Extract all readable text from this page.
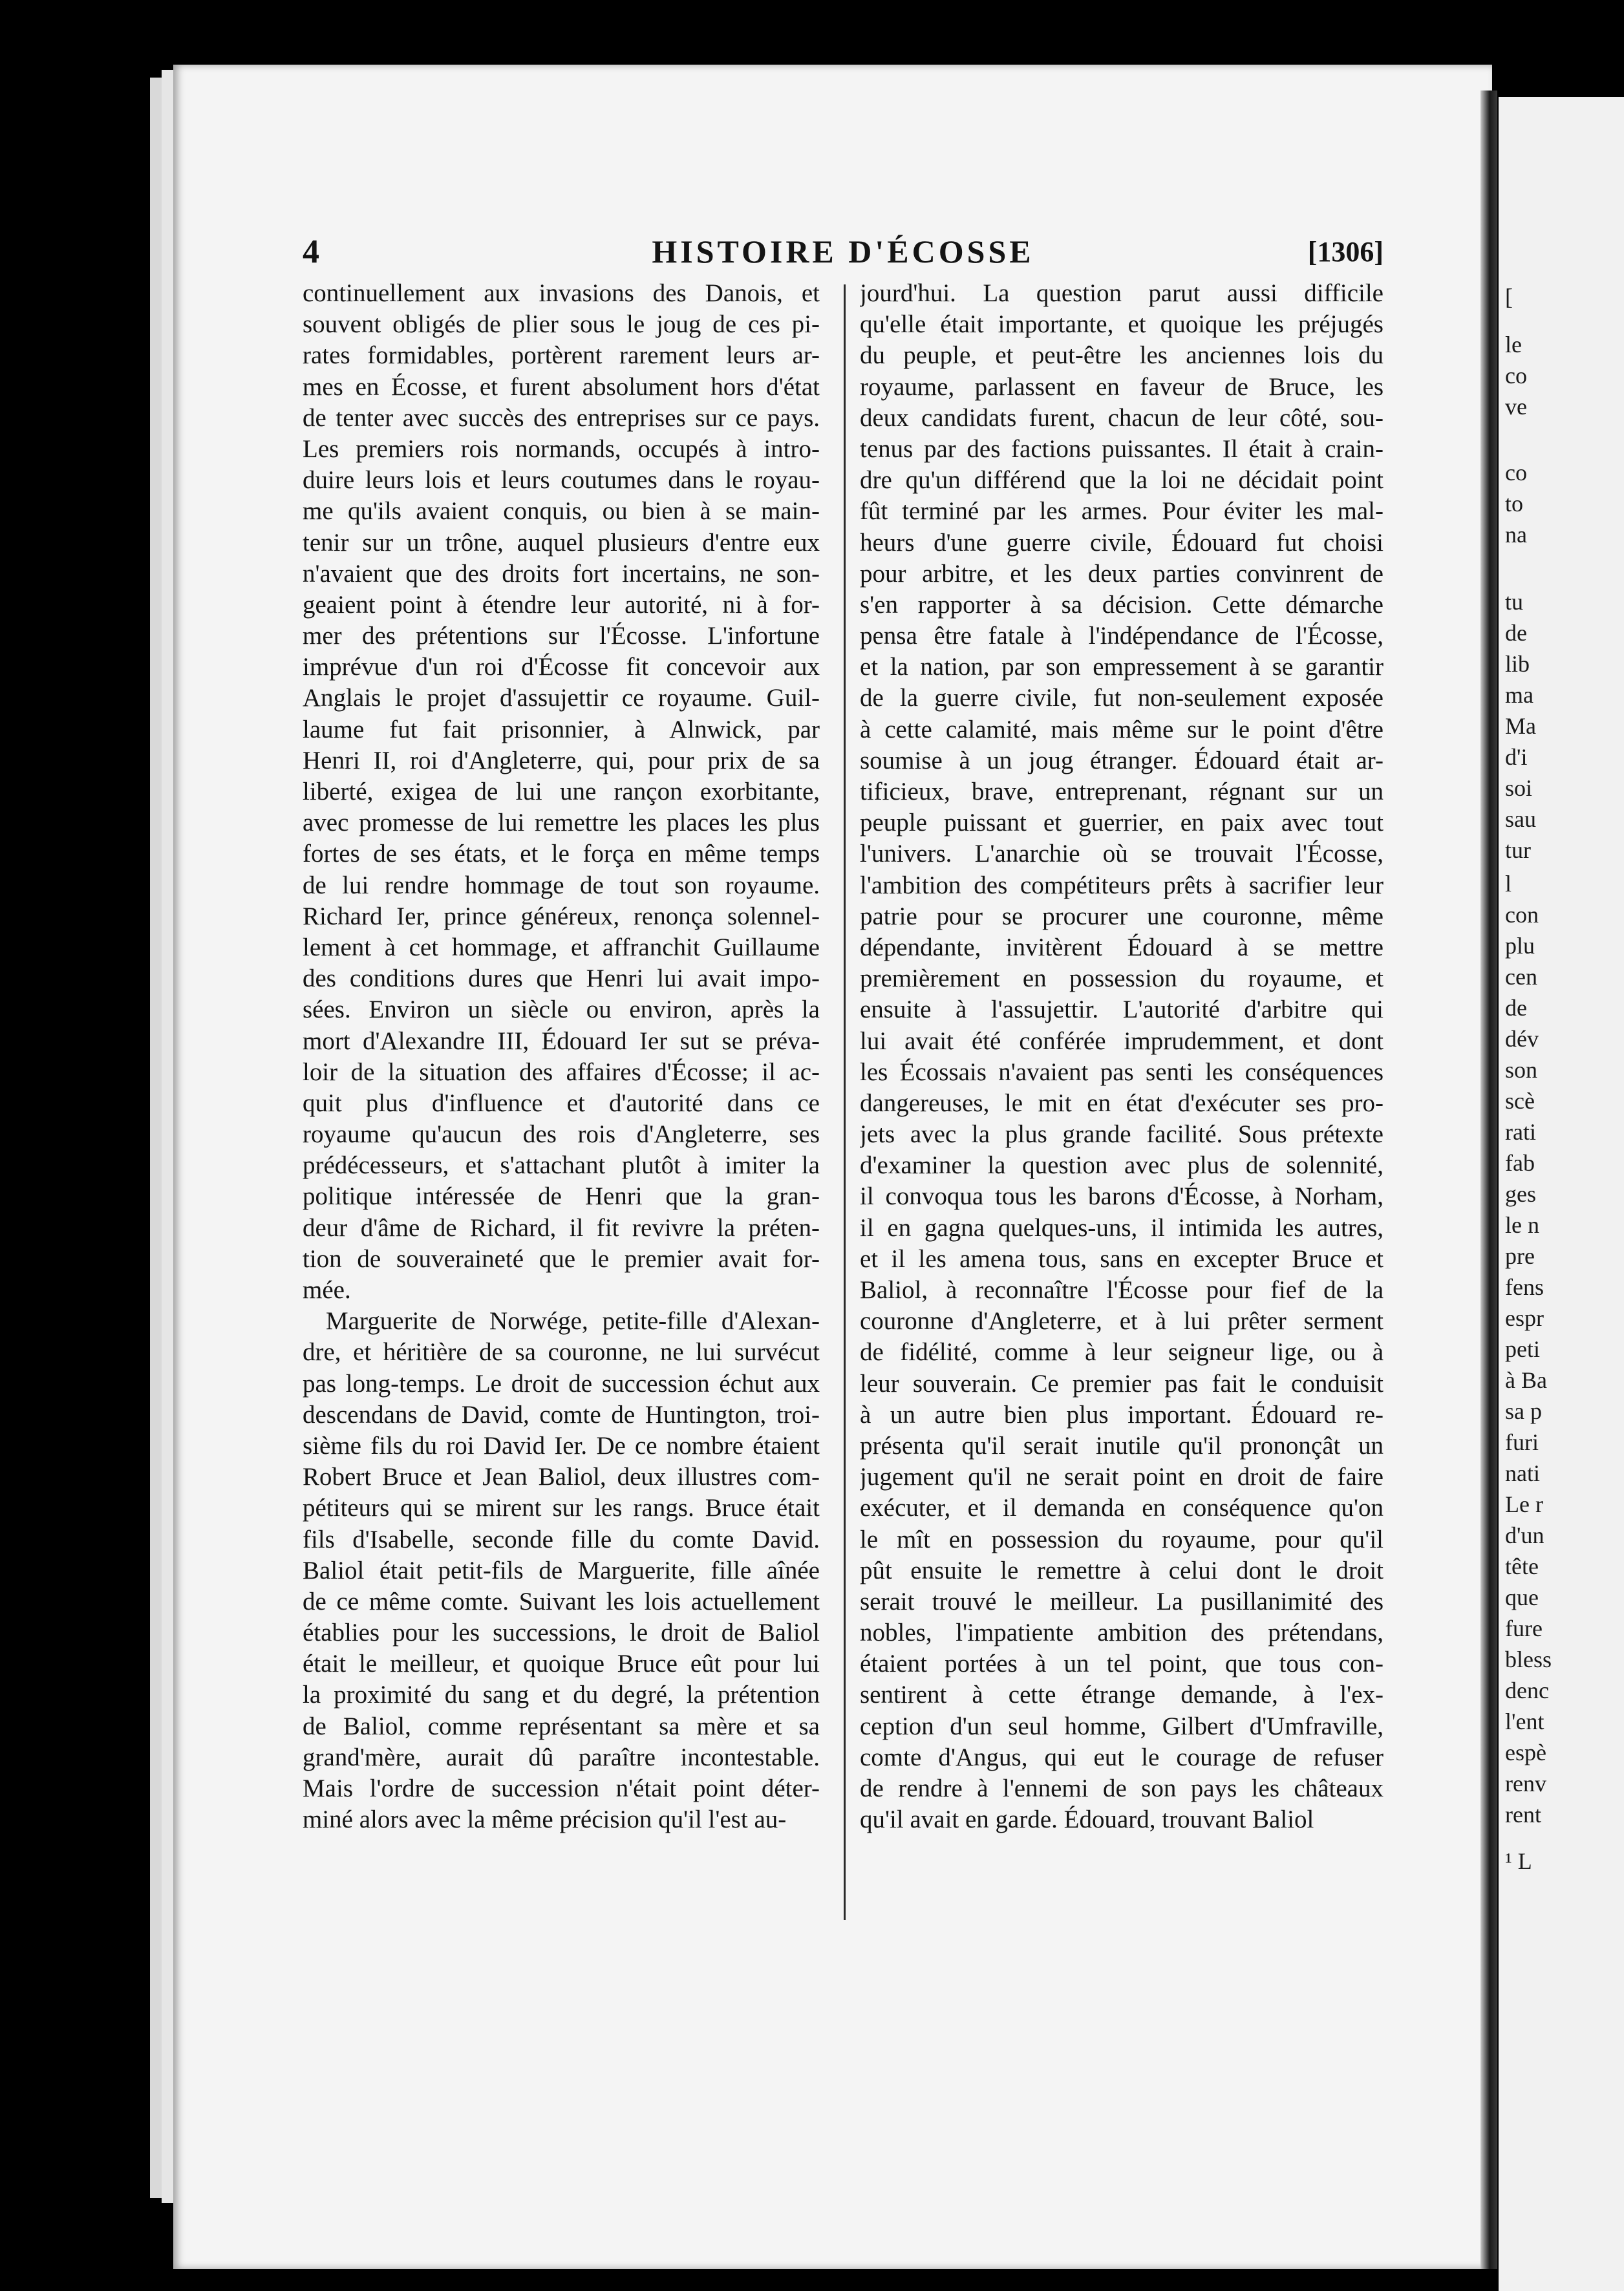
[
le
co
ve
co
to
na
tu
de
lib
ma
Ma
d'i
soi
sau
tur
l
con
plu
cen
de
dév
son
scè
rati
fab
ges
le n
pre
fens
espr
peti
à Ba
sa p
furi
nati
Le r
d'un
tête
que
fure
bless
denc
l'ent
espè
renv
rent
¹ L
4	HISTOIRE D'ÉCOSSE	[1306]
continuellement aux invasions des Danois, et
souvent obligés de plier sous le joug de ces pi-
rates formidables, portèrent rarement leurs ar-
mes en Écosse, et furent absolument hors d'état
de tenter avec succès des entreprises sur ce pays.
Les premiers rois normands, occupés à intro-
duire leurs lois et leurs coutumes dans le royau-
me qu'ils avaient conquis, ou bien à se main-
tenir sur un trône, auquel plusieurs d'entre eux
n'avaient que des droits fort incertains, ne son-
geaient point à étendre leur autorité, ni à for-
mer des prétentions sur l'Écosse. L'infortune
imprévue d'un roi d'Écosse fit concevoir aux
Anglais le projet d'assujettir ce royaume. Guil-
laume fut fait prisonnier, à Alnwick, par
Henri II, roi d'Angleterre, qui, pour prix de sa
liberté, exigea de lui une rançon exorbitante,
avec promesse de lui remettre les places les plus
fortes de ses états, et le força en même temps
de lui rendre hommage de tout son royaume.
Richard Ier, prince généreux, renonça solennel-
lement à cet hommage, et affranchit Guillaume
des conditions dures que Henri lui avait impo-
sées. Environ un siècle ou environ, après la
mort d'Alexandre III, Édouard Ier sut se préva-
loir de la situation des affaires d'Écosse; il ac-
quit plus d'influence et d'autorité dans ce
royaume qu'aucun des rois d'Angleterre, ses
prédécesseurs, et s'attachant plutôt à imiter la
politique intéressée de Henri que la gran-
deur d'âme de Richard, il fit revivre la préten-
tion de souveraineté que le premier avait for-
mée.
Marguerite de Norwége, petite-fille d'Alexan-
dre, et héritière de sa couronne, ne lui survécut
pas long-temps. Le droit de succession échut aux
descendans de David, comte de Huntington, troi-
sième fils du roi David Ier. De ce nombre étaient
Robert Bruce et Jean Baliol, deux illustres com-
pétiteurs qui se mirent sur les rangs. Bruce était
fils d'Isabelle, seconde fille du comte David.
Baliol était petit-fils de Marguerite, fille aînée
de ce même comte. Suivant les lois actuellement
établies pour les successions, le droit de Baliol
était le meilleur, et quoique Bruce eût pour lui
la proximité du sang et du degré, la prétention
de Baliol, comme représentant sa mère et sa
grand'mère, aurait dû paraître incontestable.
Mais l'ordre de succession n'était point déter-
miné alors avec la même précision qu'il l'est au-
jourd'hui. La question parut aussi difficile
qu'elle était importante, et quoique les préjugés
du peuple, et peut-être les anciennes lois du
royaume, parlassent en faveur de Bruce, les
deux candidats furent, chacun de leur côté, sou-
tenus par des factions puissantes. Il était à crain-
dre qu'un différend que la loi ne décidait point
fût terminé par les armes. Pour éviter les mal-
heurs d'une guerre civile, Édouard fut choisi
pour arbitre, et les deux parties convinrent de
s'en rapporter à sa décision. Cette démarche
pensa être fatale à l'indépendance de l'Écosse,
et la nation, par son empressement à se garantir
de la guerre civile, fut non-seulement exposée
à cette calamité, mais même sur le point d'être
soumise à un joug étranger. Édouard était ar-
tificieux, brave, entreprenant, régnant sur un
peuple puissant et guerrier, en paix avec tout
l'univers. L'anarchie où se trouvait l'Écosse,
l'ambition des compétiteurs prêts à sacrifier leur
patrie pour se procurer une couronne, même
dépendante, invitèrent Édouard à se mettre
premièrement en possession du royaume, et
ensuite à l'assujettir. L'autorité d'arbitre qui
lui avait été conférée imprudemment, et dont
les Écossais n'avaient pas senti les conséquences
dangereuses, le mit en état d'exécuter ses pro-
jets avec la plus grande facilité. Sous prétexte
d'examiner la question avec plus de solennité,
il convoqua tous les barons d'Écosse, à Norham,
il en gagna quelques-uns, il intimida les autres,
et il les amena tous, sans en excepter Bruce et
Baliol, à reconnaître l'Écosse pour fief de la
couronne d'Angleterre, et à lui prêter serment
de fidélité, comme à leur seigneur lige, ou à
leur souverain. Ce premier pas fait le conduisit
à un autre bien plus important. Édouard re-
présenta qu'il serait inutile qu'il prononçât un
jugement qu'il ne serait point en droit de faire
exécuter, et il demanda en conséquence qu'on
le mît en possession du royaume, pour qu'il
pût ensuite le remettre à celui dont le droit
serait trouvé le meilleur. La pusillanimité des
nobles, l'impatiente ambition des prétendans,
étaient portées à un tel point, que tous con-
sentirent à cette étrange demande, à l'ex-
ception d'un seul homme, Gilbert d'Umfraville,
comte d'Angus, qui eut le courage de refuser
de rendre à l'ennemi de son pays les châteaux
qu'il avait en garde. Édouard, trouvant Baliol
